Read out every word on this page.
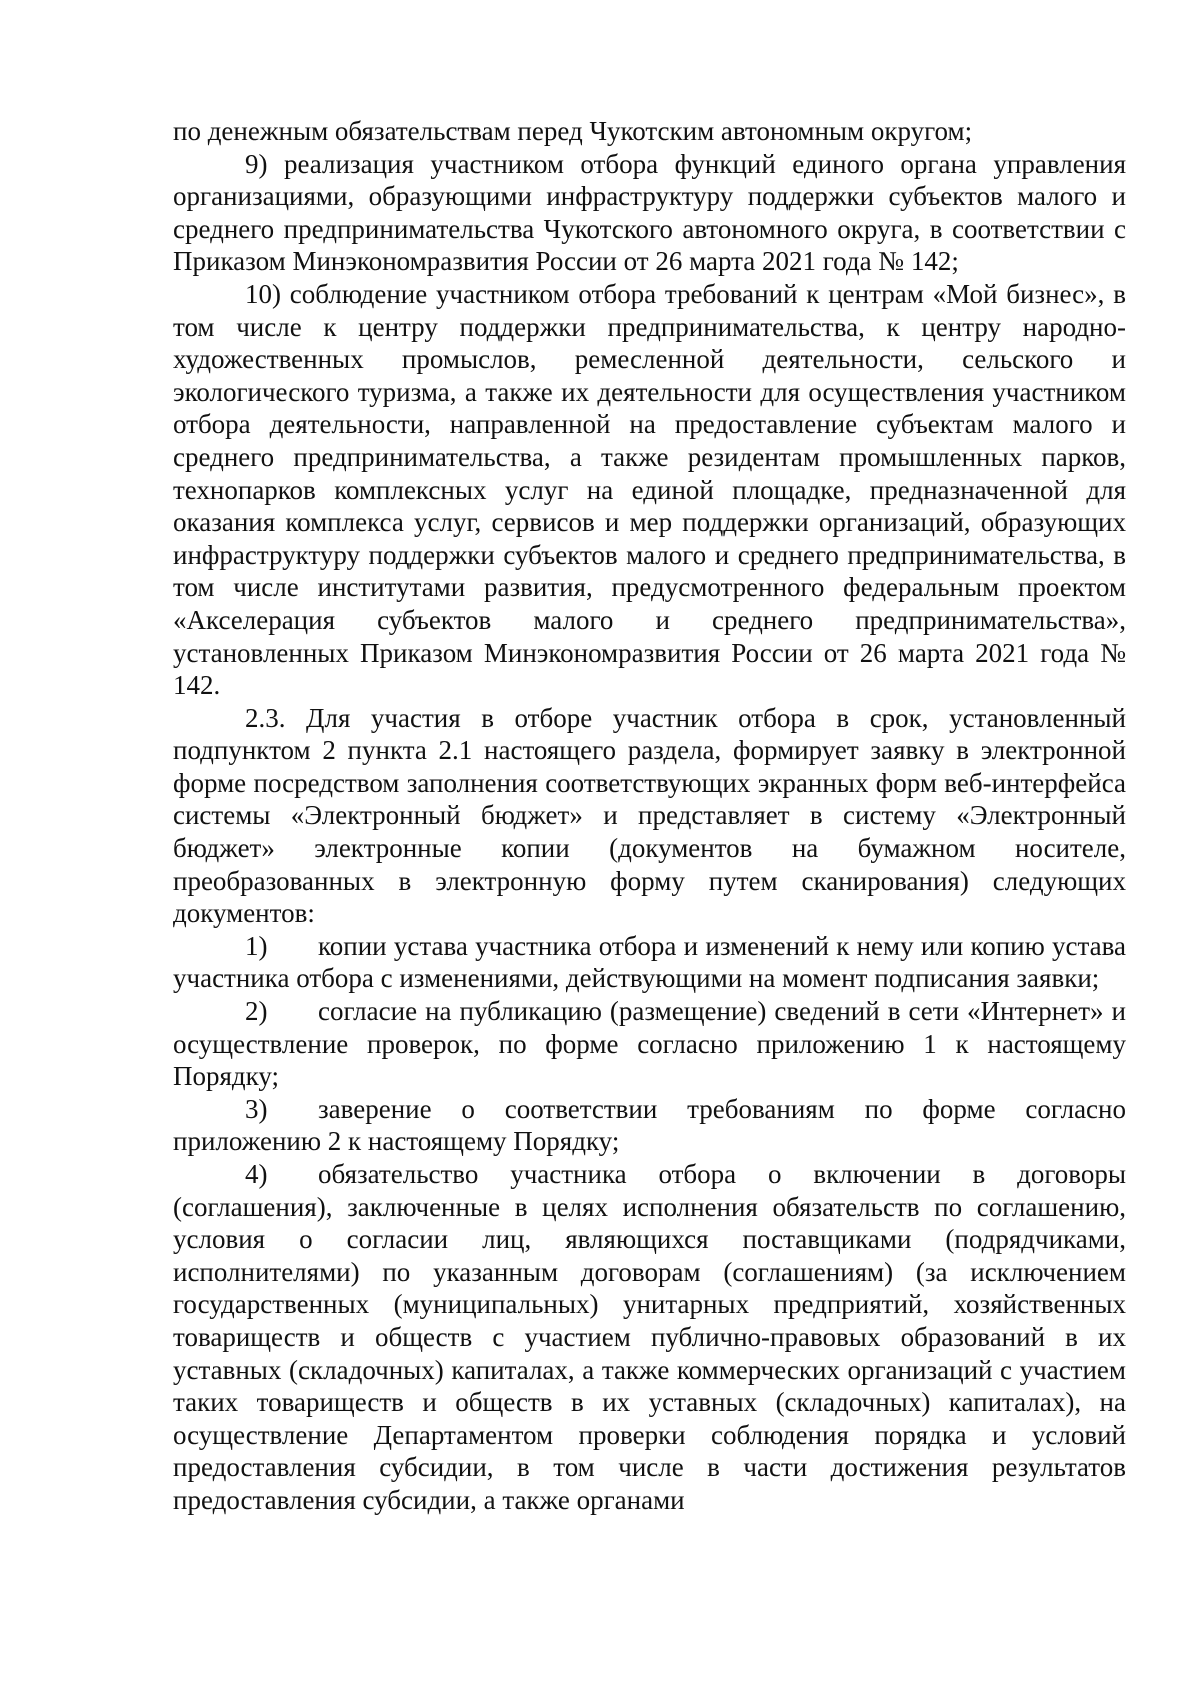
по денежным обязательствам перед Чукотским автономным округом;

9) реализация участником отбора функций единого органа управления организациями, образующими инфраструктуру поддержки субъектов малого и среднего предпринимательства Чукотского автономного округа, в соответствии с Приказом Минэкономразвития России от 26 марта 2021 года № 142;

10) соблюдение участником отбора требований к центрам «Мой бизнес», в том числе к центру поддержки предпринимательства, к центру народно-художественных промыслов, ремесленной деятельности, сельского и экологического туризма, а также их деятельности для осуществления участником отбора деятельности, направленной на предоставление субъектам малого и среднего предпринимательства, а также резидентам промышленных парков, технопарков комплексных услуг на единой площадке, предназначенной для оказания комплекса услуг, сервисов и мер поддержки организаций, образующих инфраструктуру поддержки субъектов малого и среднего предпринимательства, в том числе институтами развития, предусмотренного федеральным проектом «Акселерация субъектов малого и среднего предпринимательства», установленных Приказом Минэкономразвития России от 26 марта 2021 года № 142.

2.3. Для участия в отборе участник отбора в срок, установленный подпунктом 2 пункта 2.1 настоящего раздела, формирует заявку в электронной форме посредством заполнения соответствующих экранных форм веб-интерфейса системы «Электронный бюджет» и представляет в систему «Электронный бюджет» электронные копии (документов на бумажном носителе, преобразованных в электронную форму путем сканирования) следующих документов:

1) копии устава участника отбора и изменений к нему или копию устава участника отбора с изменениями, действующими на момент подписания заявки;

2) согласие на публикацию (размещение) сведений в сети «Интернет» и осуществление проверок, по форме согласно приложению 1 к настоящему Порядку;

3) заверение о соответствии требованиям по форме согласно приложению 2 к настоящему Порядку;

4) обязательство участника отбора о включении в договоры (соглашения), заключенные в целях исполнения обязательств по соглашению, условия о согласии лиц, являющихся поставщиками (подрядчиками, исполнителями) по указанным договорам (соглашениям) (за исключением государственных (муниципальных) унитарных предприятий, хозяйственных товариществ и обществ с участием публично-правовых образований в их уставных (складочных) капиталах, а также коммерческих организаций с участием таких товариществ и обществ в их уставных (складочных) капиталах), на осуществление Департаментом проверки соблюдения порядка и условий предоставления субсидии, в том числе в части достижения результатов предоставления субсидии, а также органами
